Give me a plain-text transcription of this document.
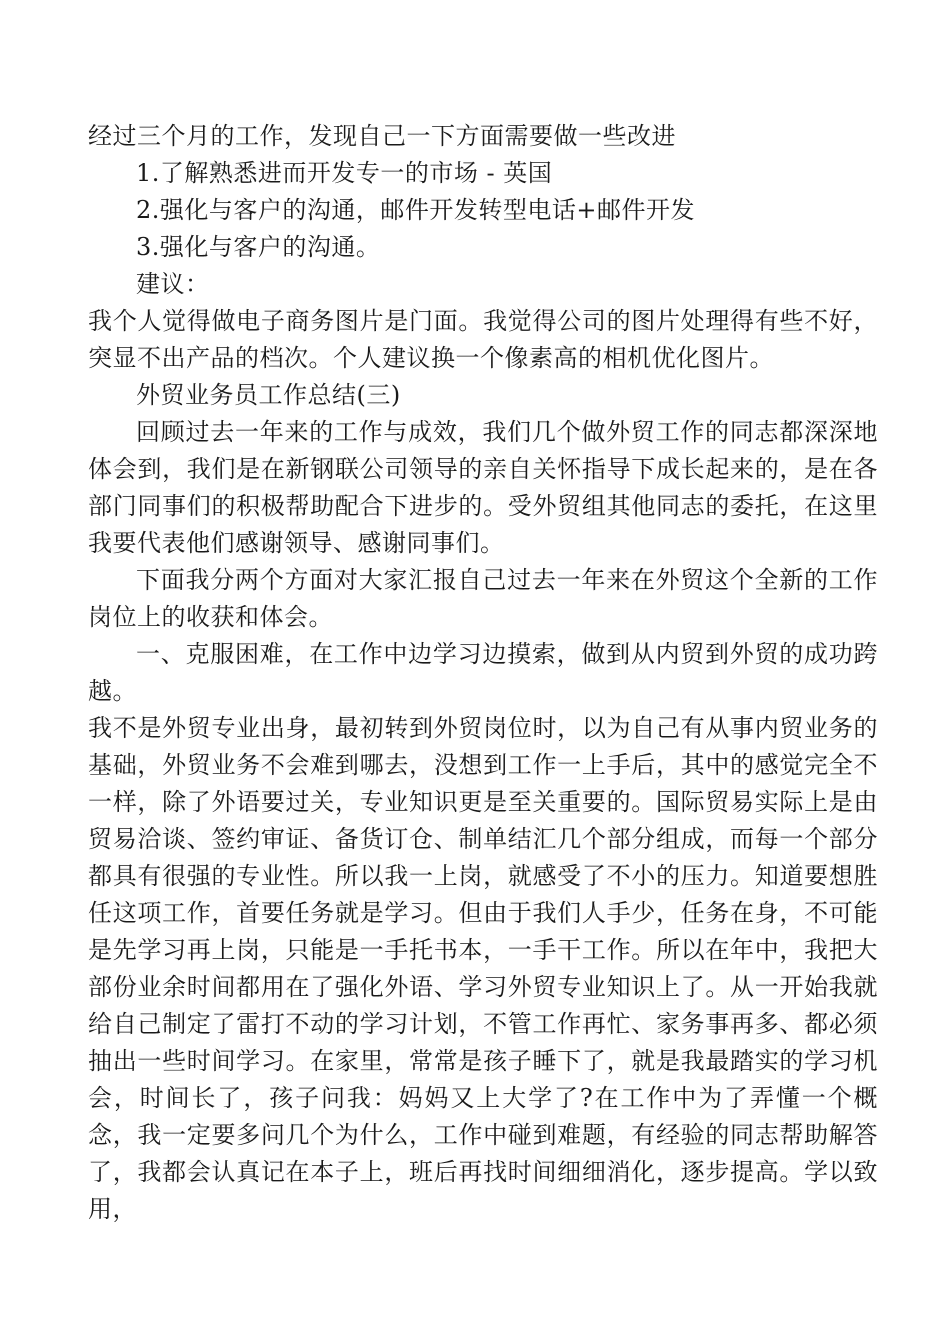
经过三个月的工作，发现自己一下方面需要做一些改进

1.了解熟悉进而开发专一的市场 - 英国

2.强化与客户的沟通，邮件开发转型电话+邮件开发

3.强化与客户的沟通。

建议：

我个人觉得做电子商务图片是门面。我觉得公司的图片处理得有些不好，突显不出产品的档次。个人建议换一个像素高的相机优化图片。

外贸业务员工作总结(三)

回顾过去一年来的工作与成效，我们几个做外贸工作的同志都深深地体会到，我们是在新钢联公司领导的亲自关怀指导下成长起来的，是在各部门同事们的积极帮助配合下进步的。受外贸组其他同志的委托，在这里我要代表他们感谢领导、感谢同事们。

下面我分两个方面对大家汇报自己过去一年来在外贸这个全新的工作岗位上的收获和体会。

一、克服困难，在工作中边学习边摸索，做到从内贸到外贸的成功跨越。

我不是外贸专业出身，最初转到外贸岗位时，以为自己有从事内贸业务的基础，外贸业务不会难到哪去，没想到工作一上手后，其中的感觉完全不一样，除了外语要过关，专业知识更是至关重要的。国际贸易实际上是由贸易洽谈、签约审证、备货订仓、制单结汇几个部分组成，而每一个部分都具有很强的专业性。所以我一上岗，就感受了不小的压力。知道要想胜任这项工作，首要任务就是学习。但由于我们人手少，任务在身，不可能是先学习再上岗，只能是一手托书本，一手干工作。所以在年中，我把大部份业余时间都用在了强化外语、学习外贸专业知识上了。从一开始我就给自己制定了雷打不动的学习计划，不管工作再忙、家务事再多、都必须抽出一些时间学习。在家里，常常是孩子睡下了，就是我最踏实的学习机会，时间长了，孩子问我：妈妈又上大学了?在工作中为了弄懂一个概念，我一定要多问几个为什么，工作中碰到难题，有经验的同志帮助解答了，我都会认真记在本子上，班后再找时间细细消化，逐步提高。学以致用，
